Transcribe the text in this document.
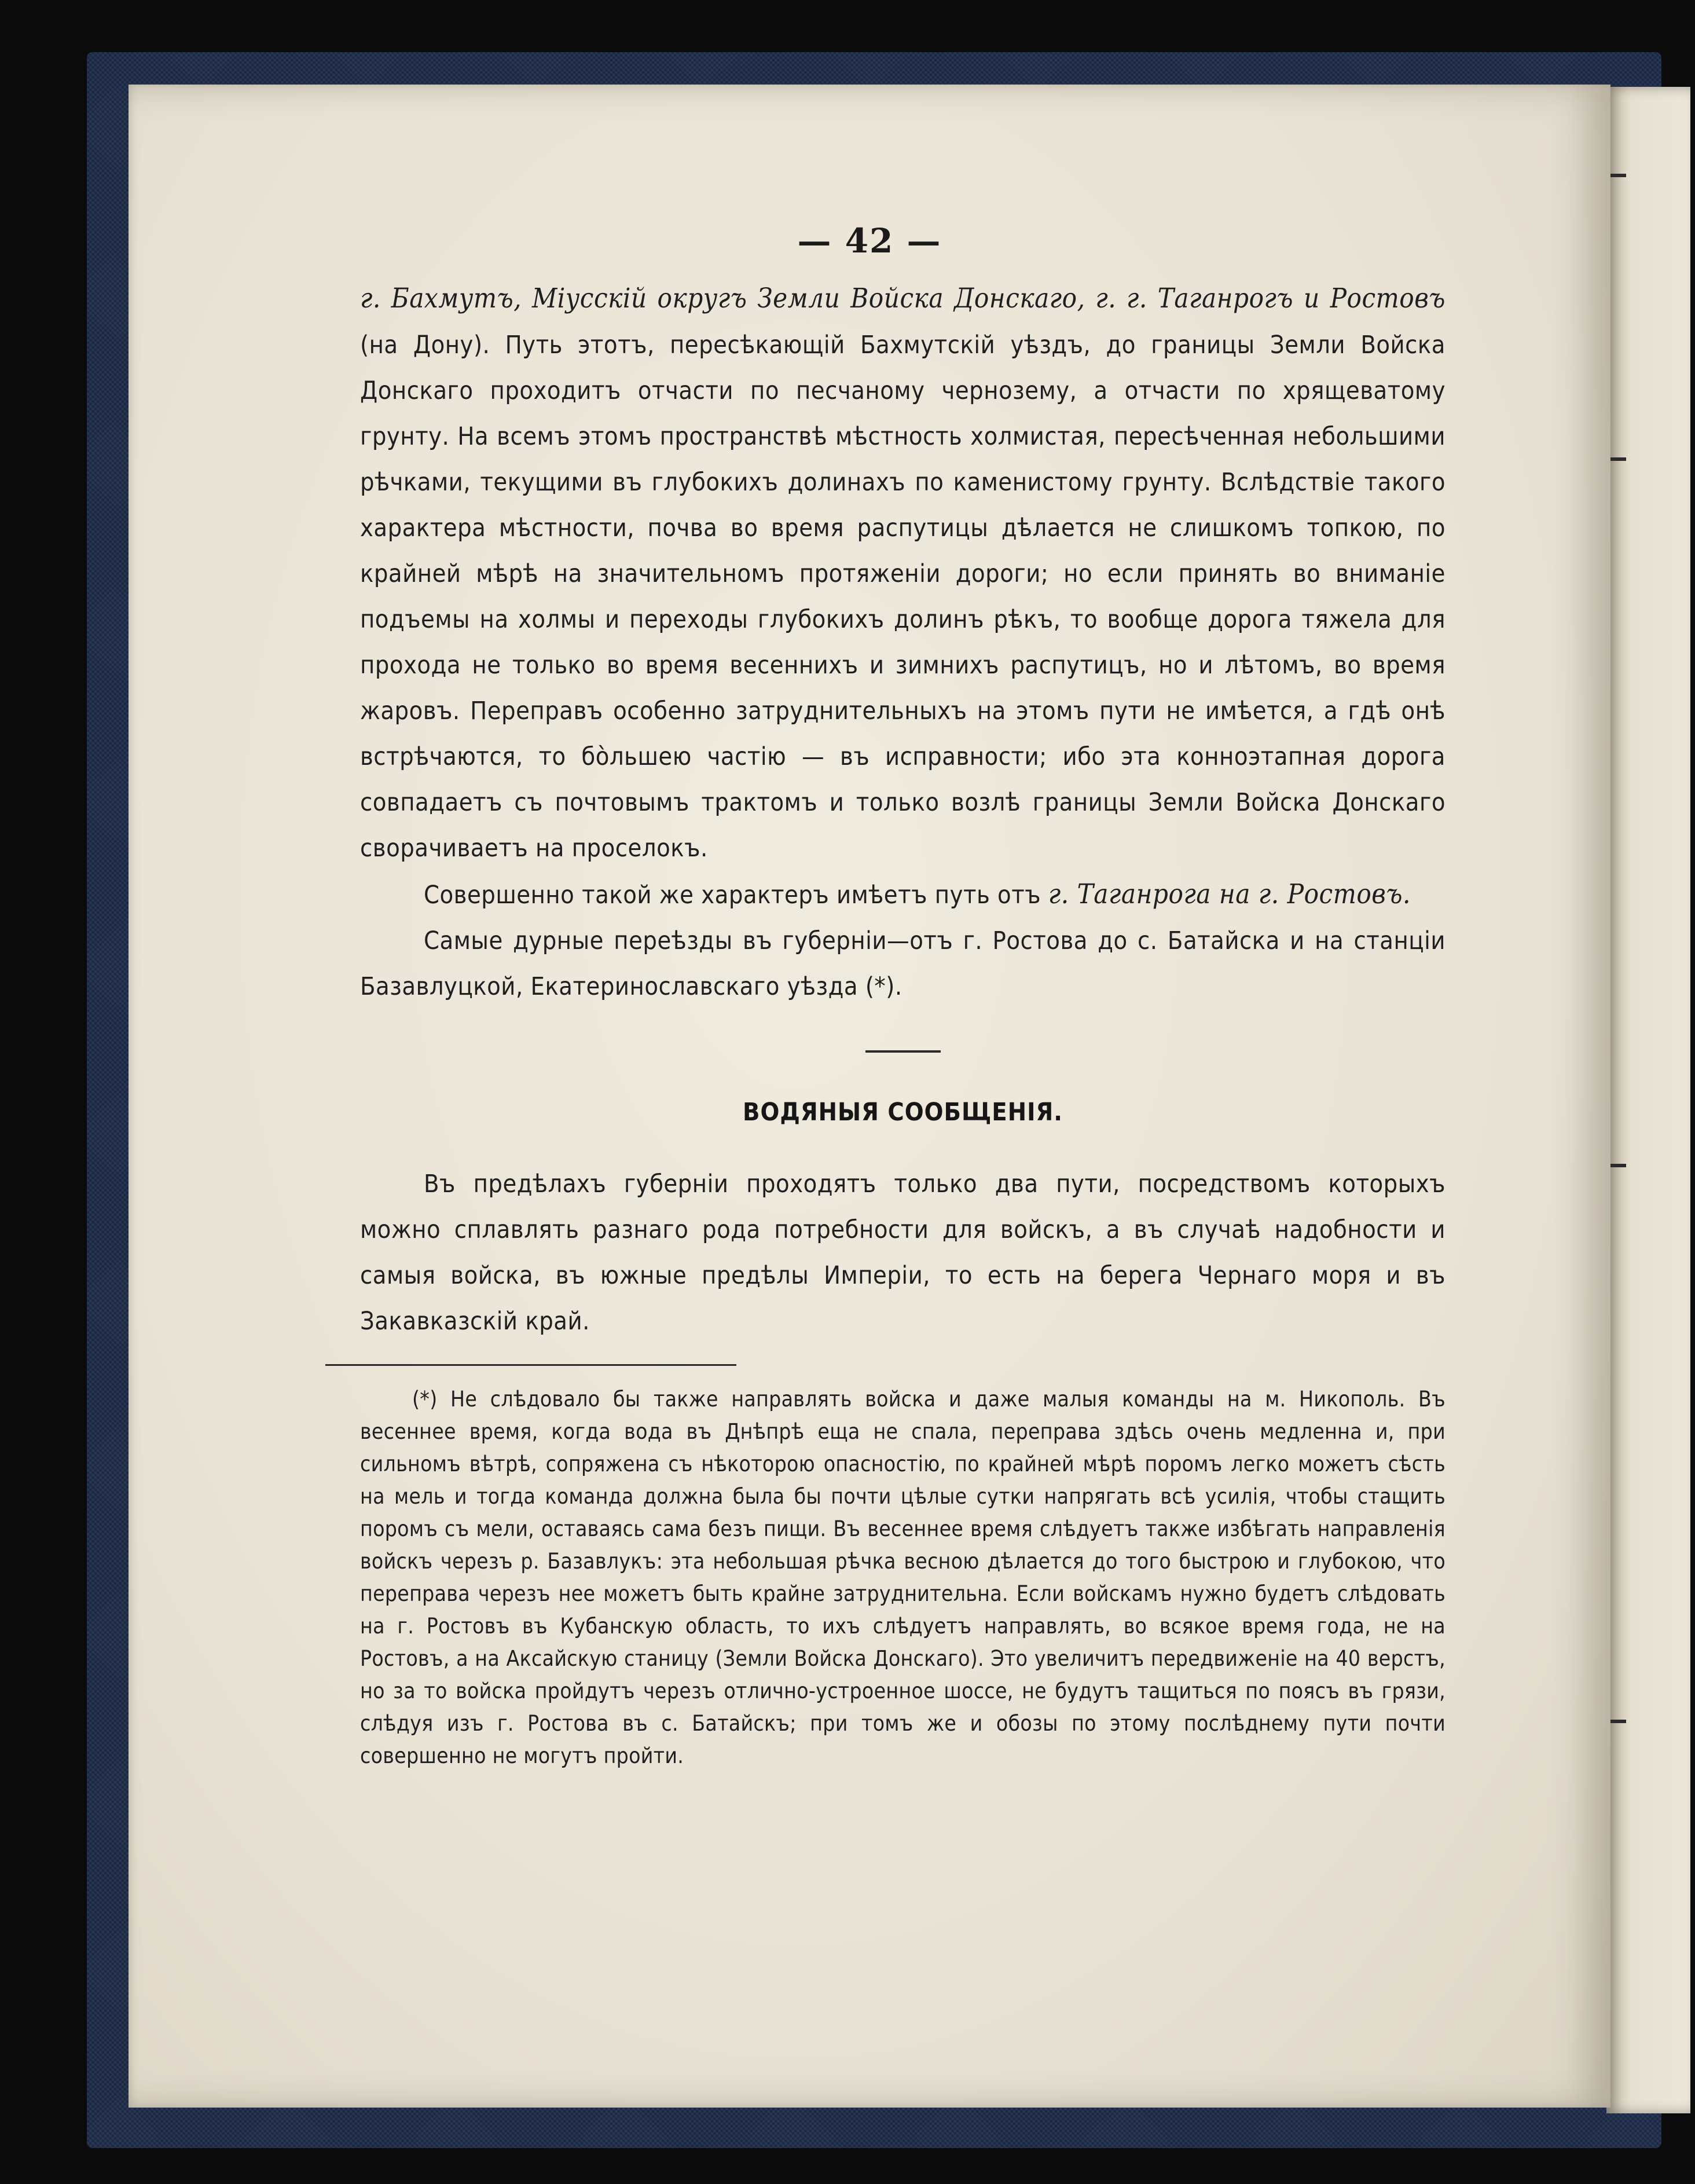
— 42 —

г. Бахмутъ, Міусскій округъ Земли Войска Донскаго, г. г. Таганрогъ и Ростовъ (на Дону). Путь этотъ, пересѣкающій Бахмутскій уѣздъ, до границы Земли Войска Донскаго проходитъ отчасти по песчаному чернозему, а отчасти по хрящеватому грунту. На всемъ этомъ пространствѣ мѣстность холмистая, пересѣченная небольшими рѣчками, текущими въ глубокихъ долинахъ по каменистому грунту. Вслѣдствіе такого характера мѣстности, почва во время распутицы дѣлается не слишкомъ топкою, по крайней мѣрѣ на значительномъ протяженіи дороги; но если принять во вниманіе подъемы на холмы и переходы глубокихъ долинъ рѣкъ, то вообще дорога тяжела для прохода не только во время весеннихъ и зимнихъ распутицъ, но и лѣтомъ, во время жаровъ. Переправъ особенно затруднительныхъ на этомъ пути не имѣется, а гдѣ онѣ встрѣчаются, то бо̀льшею частію — въ исправности; ибо эта конноэтапная дорога совпадаетъ съ почтовымъ трактомъ и только возлѣ границы Земли Войска Донскаго сворачиваетъ на проселокъ.

Совершенно такой же характеръ имѣетъ путь отъ г. Таганрога на г. Ростовъ.

Самые дурные переѣзды въ губерніи—отъ г. Ростова до с. Батайска и на станціи Базавлуцкой, Екатеринославскаго уѣзда (*).

ВОДЯНЫЯ СООБЩЕНІЯ.

Въ предѣлахъ губерніи проходятъ только два пути, посредствомъ которыхъ можно сплавлять разнаго рода потребности для войскъ, а въ случаѣ надобности и самыя войска, въ южные предѣлы Имперіи, то есть на берега Чернаго моря и въ Закавказскій край.

(*) Не слѣдовало бы также направлять войска и даже малыя команды на м. Никополь. Въ весеннее время, когда вода въ Днѣпрѣ еща не спала, переправа здѣсь очень медленна и, при сильномъ вѣтрѣ, сопряжена съ нѣкоторою опасностію, по крайней мѣрѣ поромъ легко можетъ сѣсть на мель и тогда команда должна была бы почти цѣлые сутки напрягать всѣ усилія, чтобы стащить поромъ съ мели, оставаясь сама безъ пищи. Въ весеннее время слѣдуетъ также избѣгать направленія войскъ черезъ р. Базавлукъ: эта небольшая рѣчка весною дѣлается до того быстрою и глубокою, что переправа черезъ нее можетъ быть крайне затруднительна. Если войскамъ нужно будетъ слѣдовать на г. Ростовъ въ Кубанскую область, то ихъ слѣдуетъ направлять, во всякое время года, не на Ростовъ, а на Аксайскую станицу (Земли Войска Донскаго). Это увеличитъ передвиженіе на 40 верстъ, но за то войска пройдутъ черезъ отлично-устроенное шоссе, не будутъ тащиться по поясъ въ грязи, слѣдуя изъ г. Ростова въ с. Батайскъ; при томъ же и обозы по этому послѣднему пути почти совершенно не могутъ пройти.
